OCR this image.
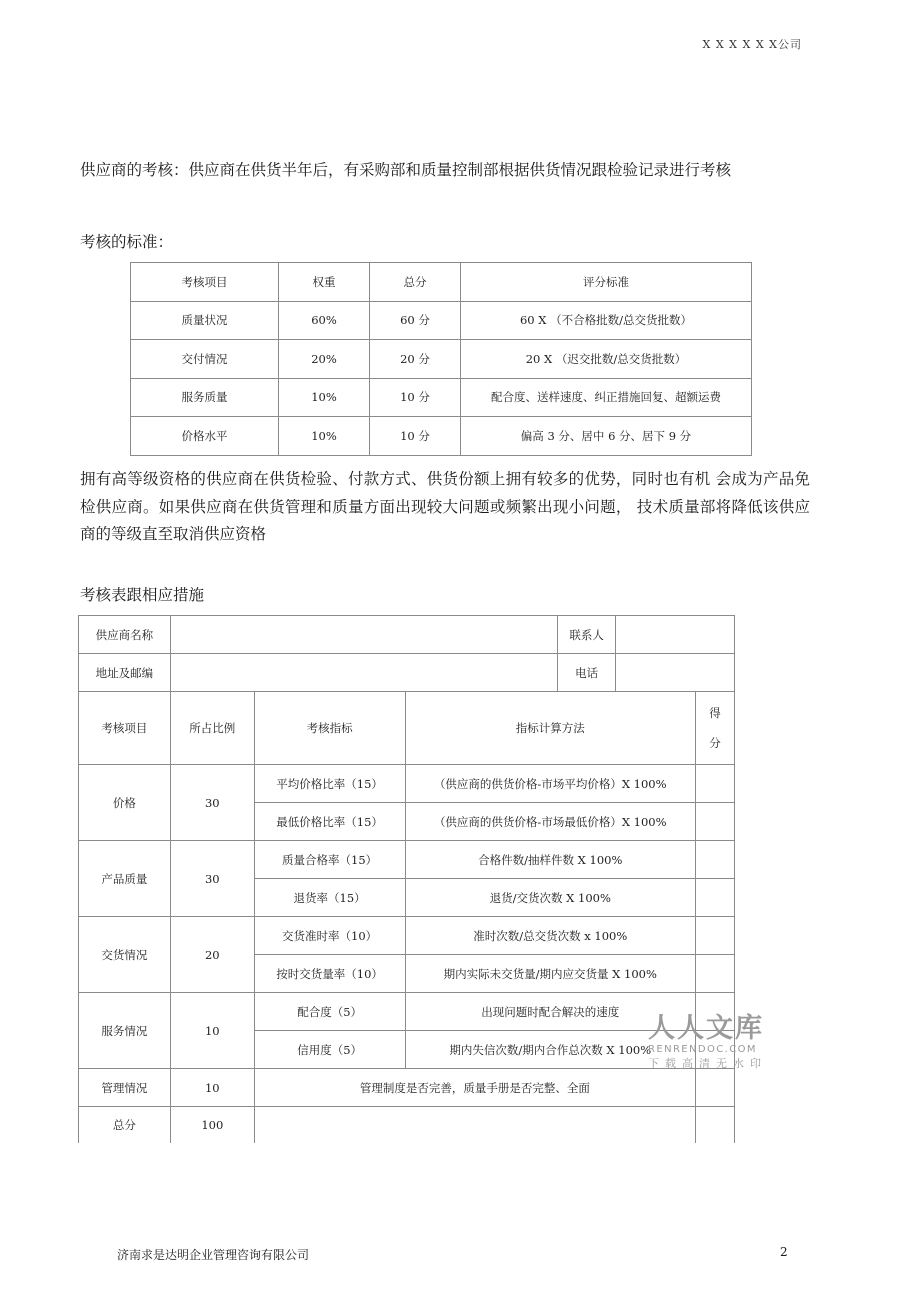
X X X X X X公司
供应商的考核：供应商在供货半年后，有采购部和质量控制部根据供货情况跟检验记录进行考核
考核的标准：
考核项目	权重	总分	评分标准
质量状况	60%	60 分	60 X （不合格批数/总交货批数）
交付情况	20%	20 分	20 X （迟交批数/总交货批数）
服务质量	10%	10 分	配合度、送样速度、纠正措施回复、超额运费
价格水平	10%	10 分	偏高 3 分、居中 6 分、居下 9 分
拥有高等级资格的供应商在供货检验、付款方式、供货份额上拥有较多的优势，同时也有机 会成为产品免检供应商。如果供应商在供货管理和质量方面出现较大问题或频繁出现小问题， 技术质量部将降低该供应商的等级直至取消供应资格
考核表跟相应措施
供应商名称				联系人		
地址及邮编				电话		
考核项目	所占比例	考核指标	指标计算方法			得
分

价格	30	平均价格比率（15）	（供应商的供货价格-市场平均价格）X 100%			
		最低价格比率（15）	（供应商的供货价格-市场最低价格）X 100%			
产品质量	30	质量合格率（15）	合格件数/抽样件数 X 100%			
		退货率（15）	退货/交货次数 X 100%			
交货情况	20	交货准时率（10）	准时次数/总交货次数 x 100%			
		按时交货量率（10）	期内实际未交货量/期内应交货量 X 100%			
服务情况	10	配合度（5）	出现问题时配合解决的速度			
		信用度（5）	期内失信次数/期内合作总次数 X 100%			
管理情况	10	管理制度是否完善，质量手册是否完整、全面				
总分	100					
人人文库
RENRENDOC.COM
下载高清无水印
济南求是达明企业管理咨询有限公司	2
